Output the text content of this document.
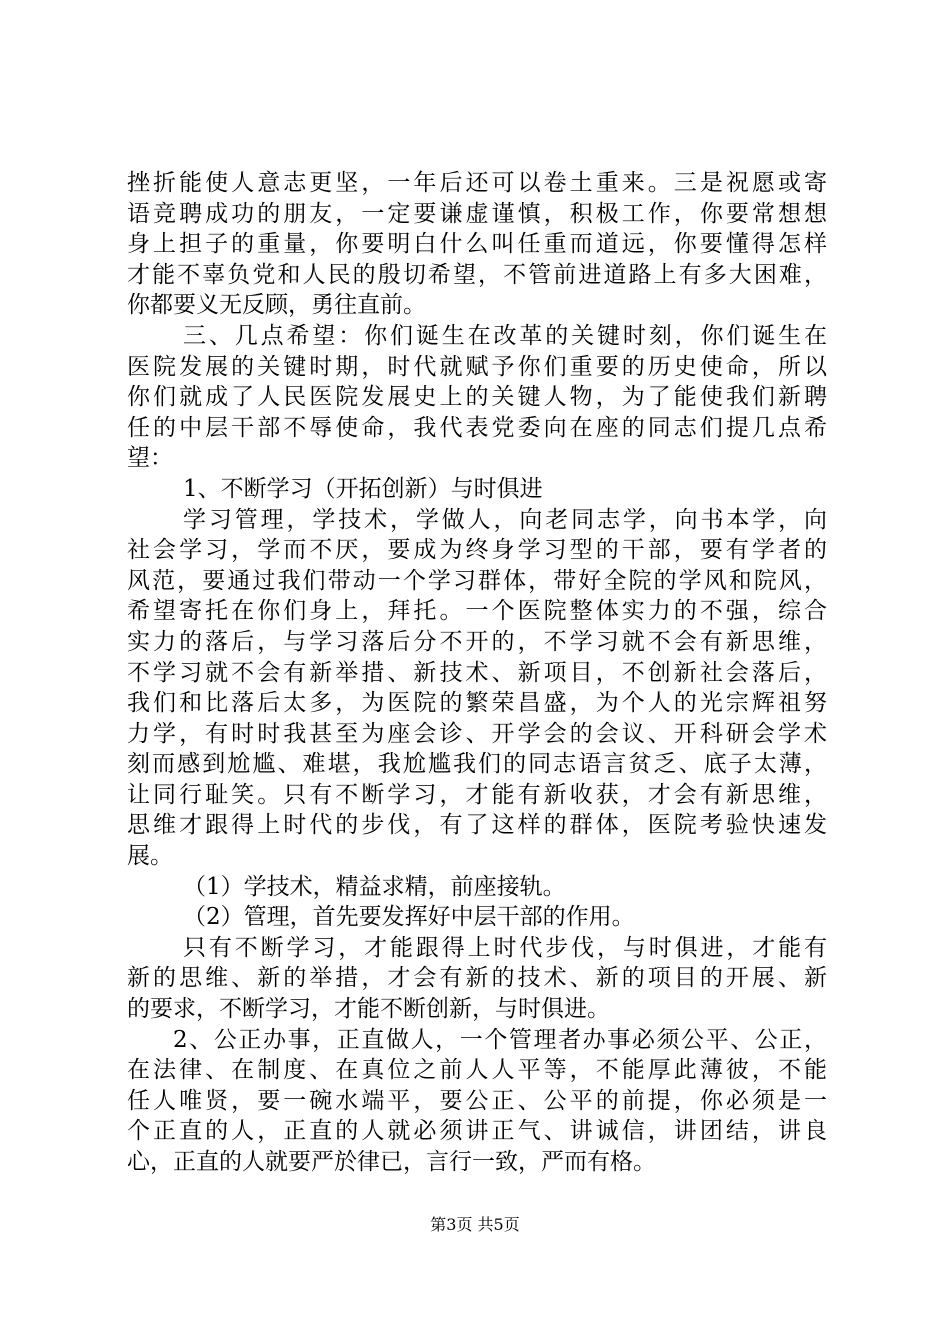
挫折能使人意志更坚，一年后还可以卷土重来。三是祝愿或寄
语竞聘成功的朋友，一定要谦虚谨慎，积极工作，你要常想想
身上担子的重量，你要明白什么叫任重而道远，你要懂得怎样
才能不辜负党和人民的殷切希望，不管前进道路上有多大困难，
你都要义无反顾，勇往直前。
三、几点希望：你们诞生在改革的关键时刻，你们诞生在
医院发展的关键时期，时代就赋予你们重要的历史使命，所以
你们就成了人民医院发展史上的关键人物，为了能使我们新聘
任的中层干部不辱使命，我代表党委向在座的同志们提几点希
望：
1、不断学习（开拓创新）与时俱进
学习管理，学技术，学做人，向老同志学，向书本学，向
社会学习，学而不厌，要成为终身学习型的干部，要有学者的
风范，要通过我们带动一个学习群体，带好全院的学风和院风，
希望寄托在你们身上，拜托。一个医院整体实力的不强，综合
实力的落后，与学习落后分不开的，不学习就不会有新思维，
不学习就不会有新举措、新技术、新项目，不创新社会落后，
我们和比落后太多，为医院的繁荣昌盛，为个人的光宗辉祖努
力学，有时时我甚至为座会诊、开学会的会议、开科研会学术
刻而感到尬尴、难堪，我尬尴我们的同志语言贫乏、底子太薄，
让同行耻笑。只有不断学习，才能有新收获，才会有新思维，
思维才跟得上时代的步伐，有了这样的群体，医院考验快速发
展。
（1）学技术，精益求精，前座接轨。
（2）管理，首先要发挥好中层干部的作用。
只有不断学习，才能跟得上时代步伐，与时俱进，才能有
新的思维、新的举措，才会有新的技术、新的项目的开展、新
的要求，不断学习，才能不断创新，与时俱进。
2、公正办事，正直做人，一个管理者办事必须公平、公正，
在法律、在制度、在真位之前人人平等，不能厚此薄彼，不能
任人唯贤，要一碗水端平，要公正、公平的前提，你必须是一
个正直的人，正直的人就必须讲正气、讲诚信，讲团结，讲良
心，正直的人就要严於律已，言行一致，严而有格。
第3页 共5页
